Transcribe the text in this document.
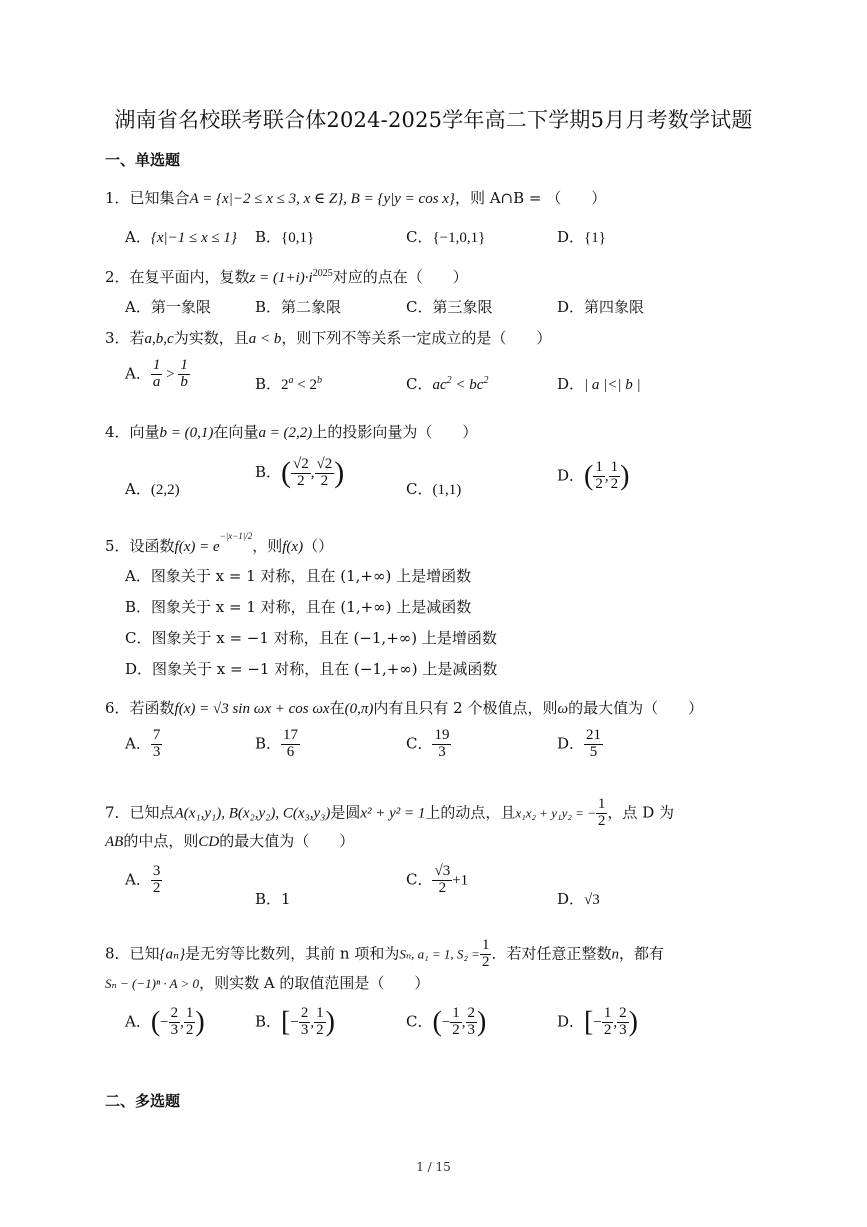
湖南省名校联考联合体2024-2025学年高二下学期5月月考数学试题
一、单选题
1．已知集合A = {x|−2 ≤ x ≤ 3, x ∈ Z}, B = {y|y = cos x}，则 A∩B = （　　）
A．{x|−1 ≤ x ≤ 1} B．{0,1}	C．{−1,0,1}	D．{1}
2．在复平面内，复数$z = (1+i)\cdot i^{2025}$对应的点在（　　）
A．第一象限	B．第二象限	C．第三象限	D．第四象限
3．若a,b,c为实数，且a < b，则下列不等关系一定成立的是（　　）
A． $\frac{1}{a} > \frac{1}{b}$	B．$2^a < 2^b$	C．$ac^2 < bc^2$	D．| a |<| b |
4．向量b = (0,1)在向量a = (2,2)上的投影向量为（　　）
A．(2,2)
B．( $\frac{√2}{2}$ , $\frac{√2}{2}$ )	C．(1,1)
D．( $\frac{1}{2}$ , $\frac{1}{2}$ )
5．设函数$f(x) = e^{-|x-1|/2}$，则f(x)（）
A．图象关于 x = 1 对称，且在 (1,+∞) 上是增函数
B．图象关于 x = 1 对称，且在 (1,+∞) 上是减函数
C．图象关于 x = −1 对称，且在 (−1,+∞) 上是增函数
D．图象关于 x = −1 对称，且在 (−1,+∞) 上是减函数
6．若函数f(x) = √3 sin ωx + cos ωx在(0,π)内有且只有 2 个极值点，则ω的最大值为（　　）
A． $\frac{7}{3}$	B． $\frac{17}{6}$	C． $\frac{19}{3}$	D． $\frac{21}{5}$
7．已知点A(x₁,y₁), B(x₂,y₂), C(x₃,y₃)是圆x² + y² = 1上的动点，且x₁x₂ + y₁y₂ = − $\frac{1}{2}$ ，点 D 为
AB的中点，则CD的最大值为（　　）
A． $\frac{3}{2}$
B．1
C． $\frac{√3}{2} +1$
D．√3
8．已知{aₙ}是无穷等比数列，其前 n 项和为Sₙ, a₁ = 1, $S_2 = \frac{1}{2}$ ．若对任意正整数n，都有
Sₙ − (−1)ⁿ · A > 0，则实数 A 的取值范围是（　　）
A．(− $\frac{2}{3}$ , $\frac{1}{2}$ )	B．[− $\frac{2}{3}$ , $\frac{1}{2}$ )	C．(− $\frac{1}{2}$ , $\frac{2}{3}$ )	D．[− $\frac{1}{2}$ , $\frac{2}{3}$ )
二、多选题
1 / 15
